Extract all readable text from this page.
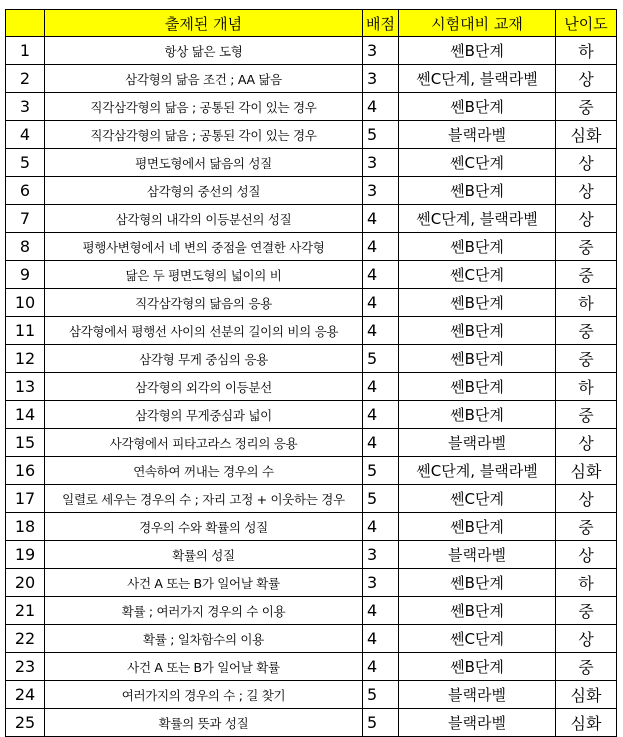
	출제된 개념	배점	시험대비 교재	난이도
1	항상 닮은 도형	3	쎈B단계	하
2	삼각형의 닮음 조건 ; AA 닮음	3	쎈C단계, 블랙라벨	상
3	직각삼각형의 닮음 ; 공통된 각이 있는 경우	4	쎈B단계	중
4	직각삼각형의 닮음 ; 공통된 각이 있는 경우	5	블랙라벨	심화
5	평면도형에서 닮음의 성질	3	쎈C단계	상
6	삼각형의 중선의 성질	3	쎈B단계	상
7	삼각형의 내각의 이등분선의 성질	4	쎈C단계, 블랙라벨	상
8	평행사변형에서 네 변의 중점을 연결한 사각형	4	쎈B단계	중
9	닮은 두 평면도형의 넓이의 비	4	쎈C단계	중
10	직각삼각형의 닮음의 응용	4	쎈B단계	하
11	삼각형에서 평행선 사이의 선분의 길이의 비의 응용	4	쎈B단계	중
12	삼각형 무게 중심의 응용	5	쎈B단계	중
13	삼각형의 외각의 이등분선	4	쎈B단계	하
14	삼각형의 무게중심과 넓이	4	쎈B단계	중
15	사각형에서 피타고라스 정리의 응용	4	블랙라벨	상
16	연속하여 꺼내는 경우의 수	5	쎈C단계, 블랙라벨	심화
17	일렬로 세우는 경우의 수 ; 자리 고정 + 이웃하는 경우	5	쎈C단계	상
18	경우의 수와 확률의 성질	4	쎈B단계	중
19	확률의 성질	3	블랙라벨	상
20	사건 A 또는 B가 일어날 확률	3	쎈B단계	하
21	확률 ; 여러가지 경우의 수 이용	4	쎈B단계	중
22	확률 ; 일차함수의 이용	4	쎈C단계	상
23	사건 A 또는 B가 일어날 확률	4	쎈B단계	중
24	여러가지의 경우의 수 ; 길 찾기	5	블랙라벨	심화
25	확률의 뜻과 성질	5	블랙라벨	심화
